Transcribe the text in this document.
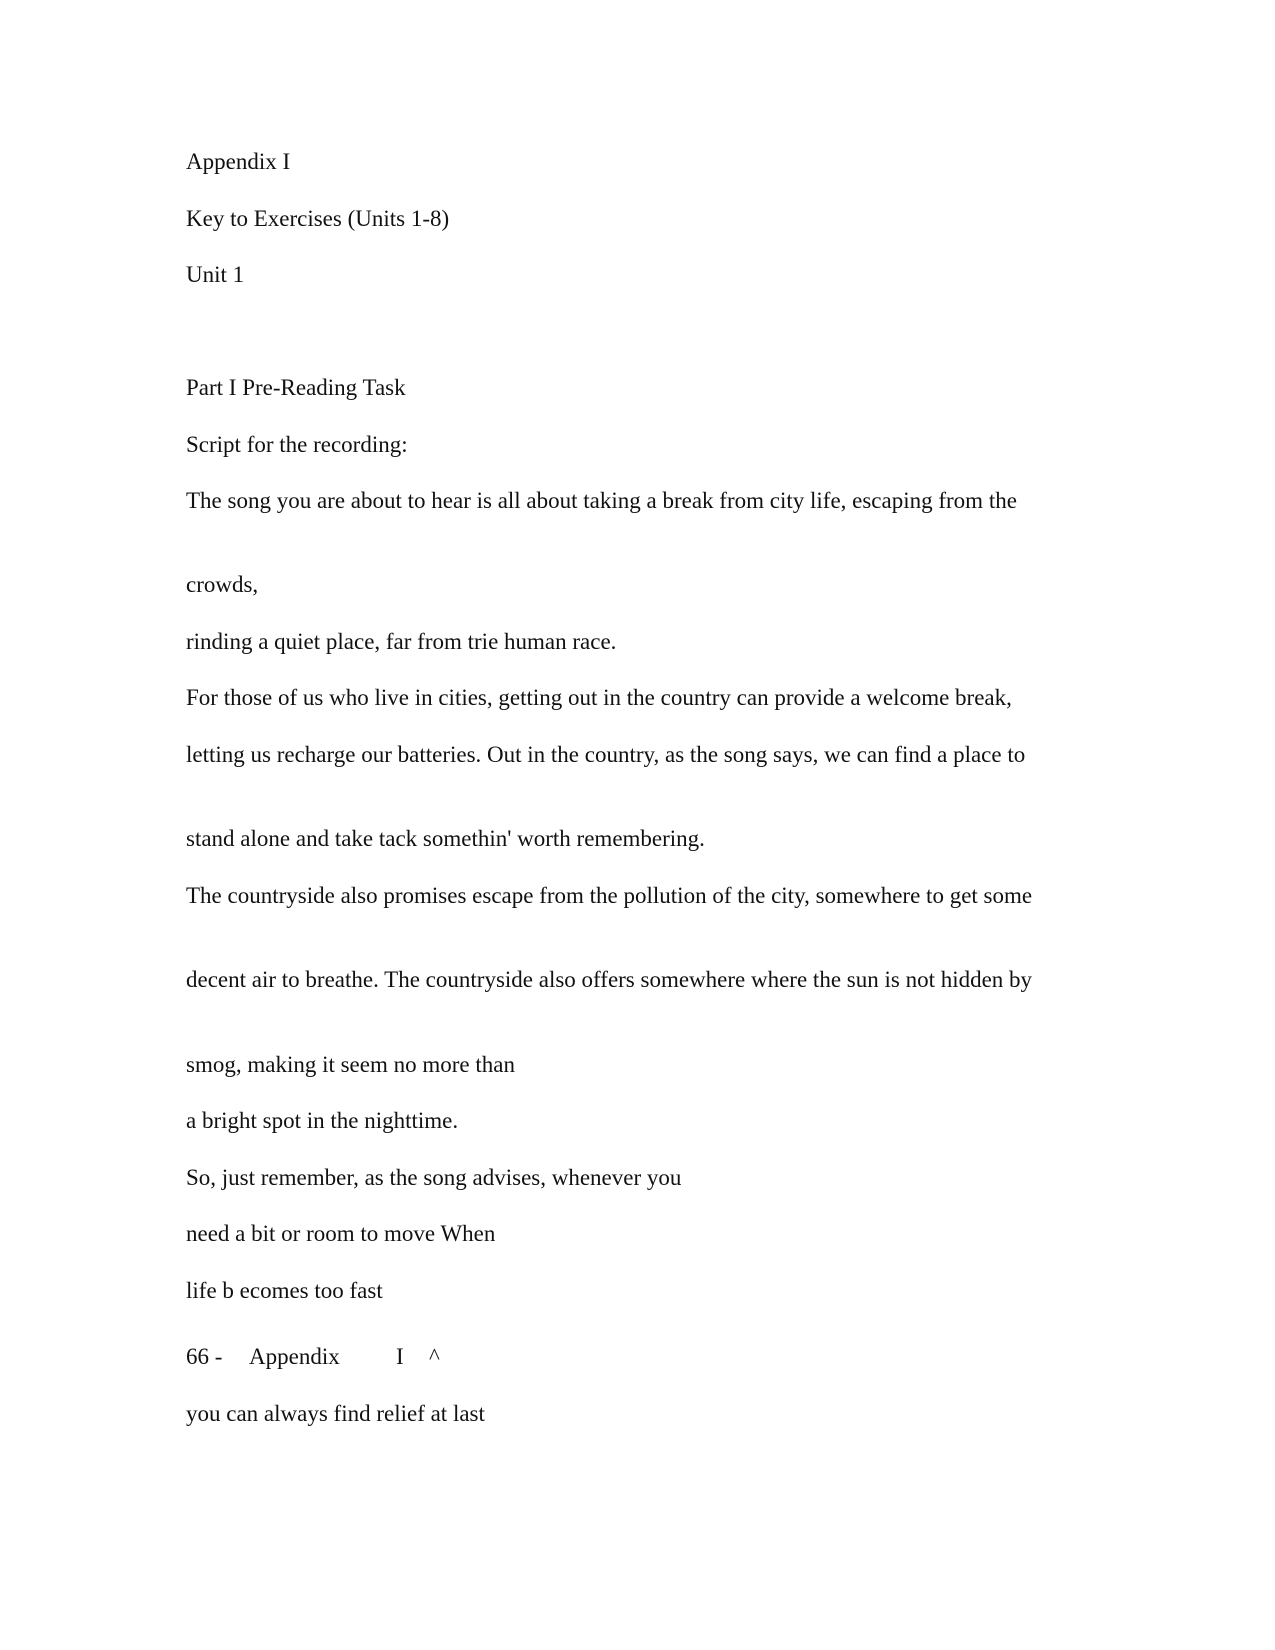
Appendix I

Key to Exercises (Units 1-8)

Unit 1

Part I Pre-Reading Task

Script for the recording:

The song you are about to hear is all about taking a break from city life, escaping from the

crowds,

rinding a quiet place, far from trie human race.

For those of us who live in cities, getting out in the country can provide a welcome break,

letting us recharge our batteries. Out in the country, as the song says, we can find a place to

stand alone and take tack somethin' worth remembering.

The countryside also promises escape from the pollution of the city, somewhere to get some

decent air to breathe. The countryside also offers somewhere where the sun is not hidden by

smog, making it seem no more than

a bright spot in the nighttime.

So, just remember, as the song advises, whenever you

need a bit or room to move When

life b ecomes too fast

66 - Appendix I ^

you can always find relief at last
